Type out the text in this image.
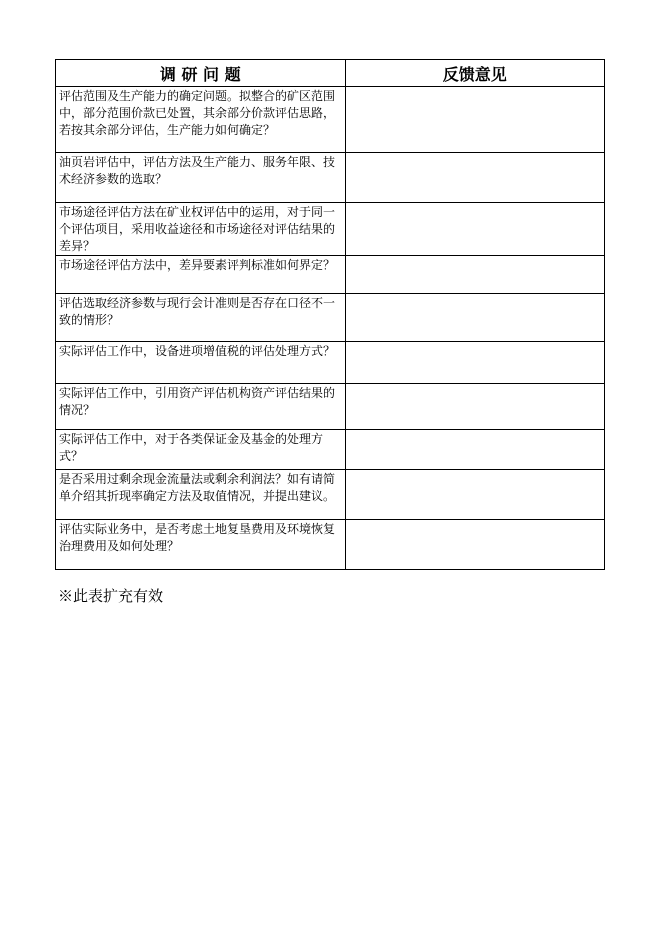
调 研 问 题	反馈意见

评估范围及生产能力的确定问题。拟整合的矿区范围中，部分范围价款已处置，其余部分价款评估思路，若按其余部分评估，生产能力如何确定？	

油页岩评估中，评估方法及生产能力、服务年限、技术经济参数的选取？	

市场途径评估方法在矿业权评估中的运用，对于同一个评估项目，采用收益途径和市场途径对评估结果的差异？	

市场途径评估方法中，差异要素评判标准如何界定？	

评估选取经济参数与现行会计准则是否存在口径不一致的情形？	

实际评估工作中，设备进项增值税的评估处理方式？	

实际评估工作中，引用资产评估机构资产评估结果的情况？	

实际评估工作中，对于各类保证金及基金的处理方式？	

是否采用过剩余现金流量法或剩余利润法？如有请简单介绍其折现率确定方法及取值情况，并提出建议。	

评估实际业务中，是否考虑土地复垦费用及环境恢复治理费用及如何处理？	

※此表扩充有效
